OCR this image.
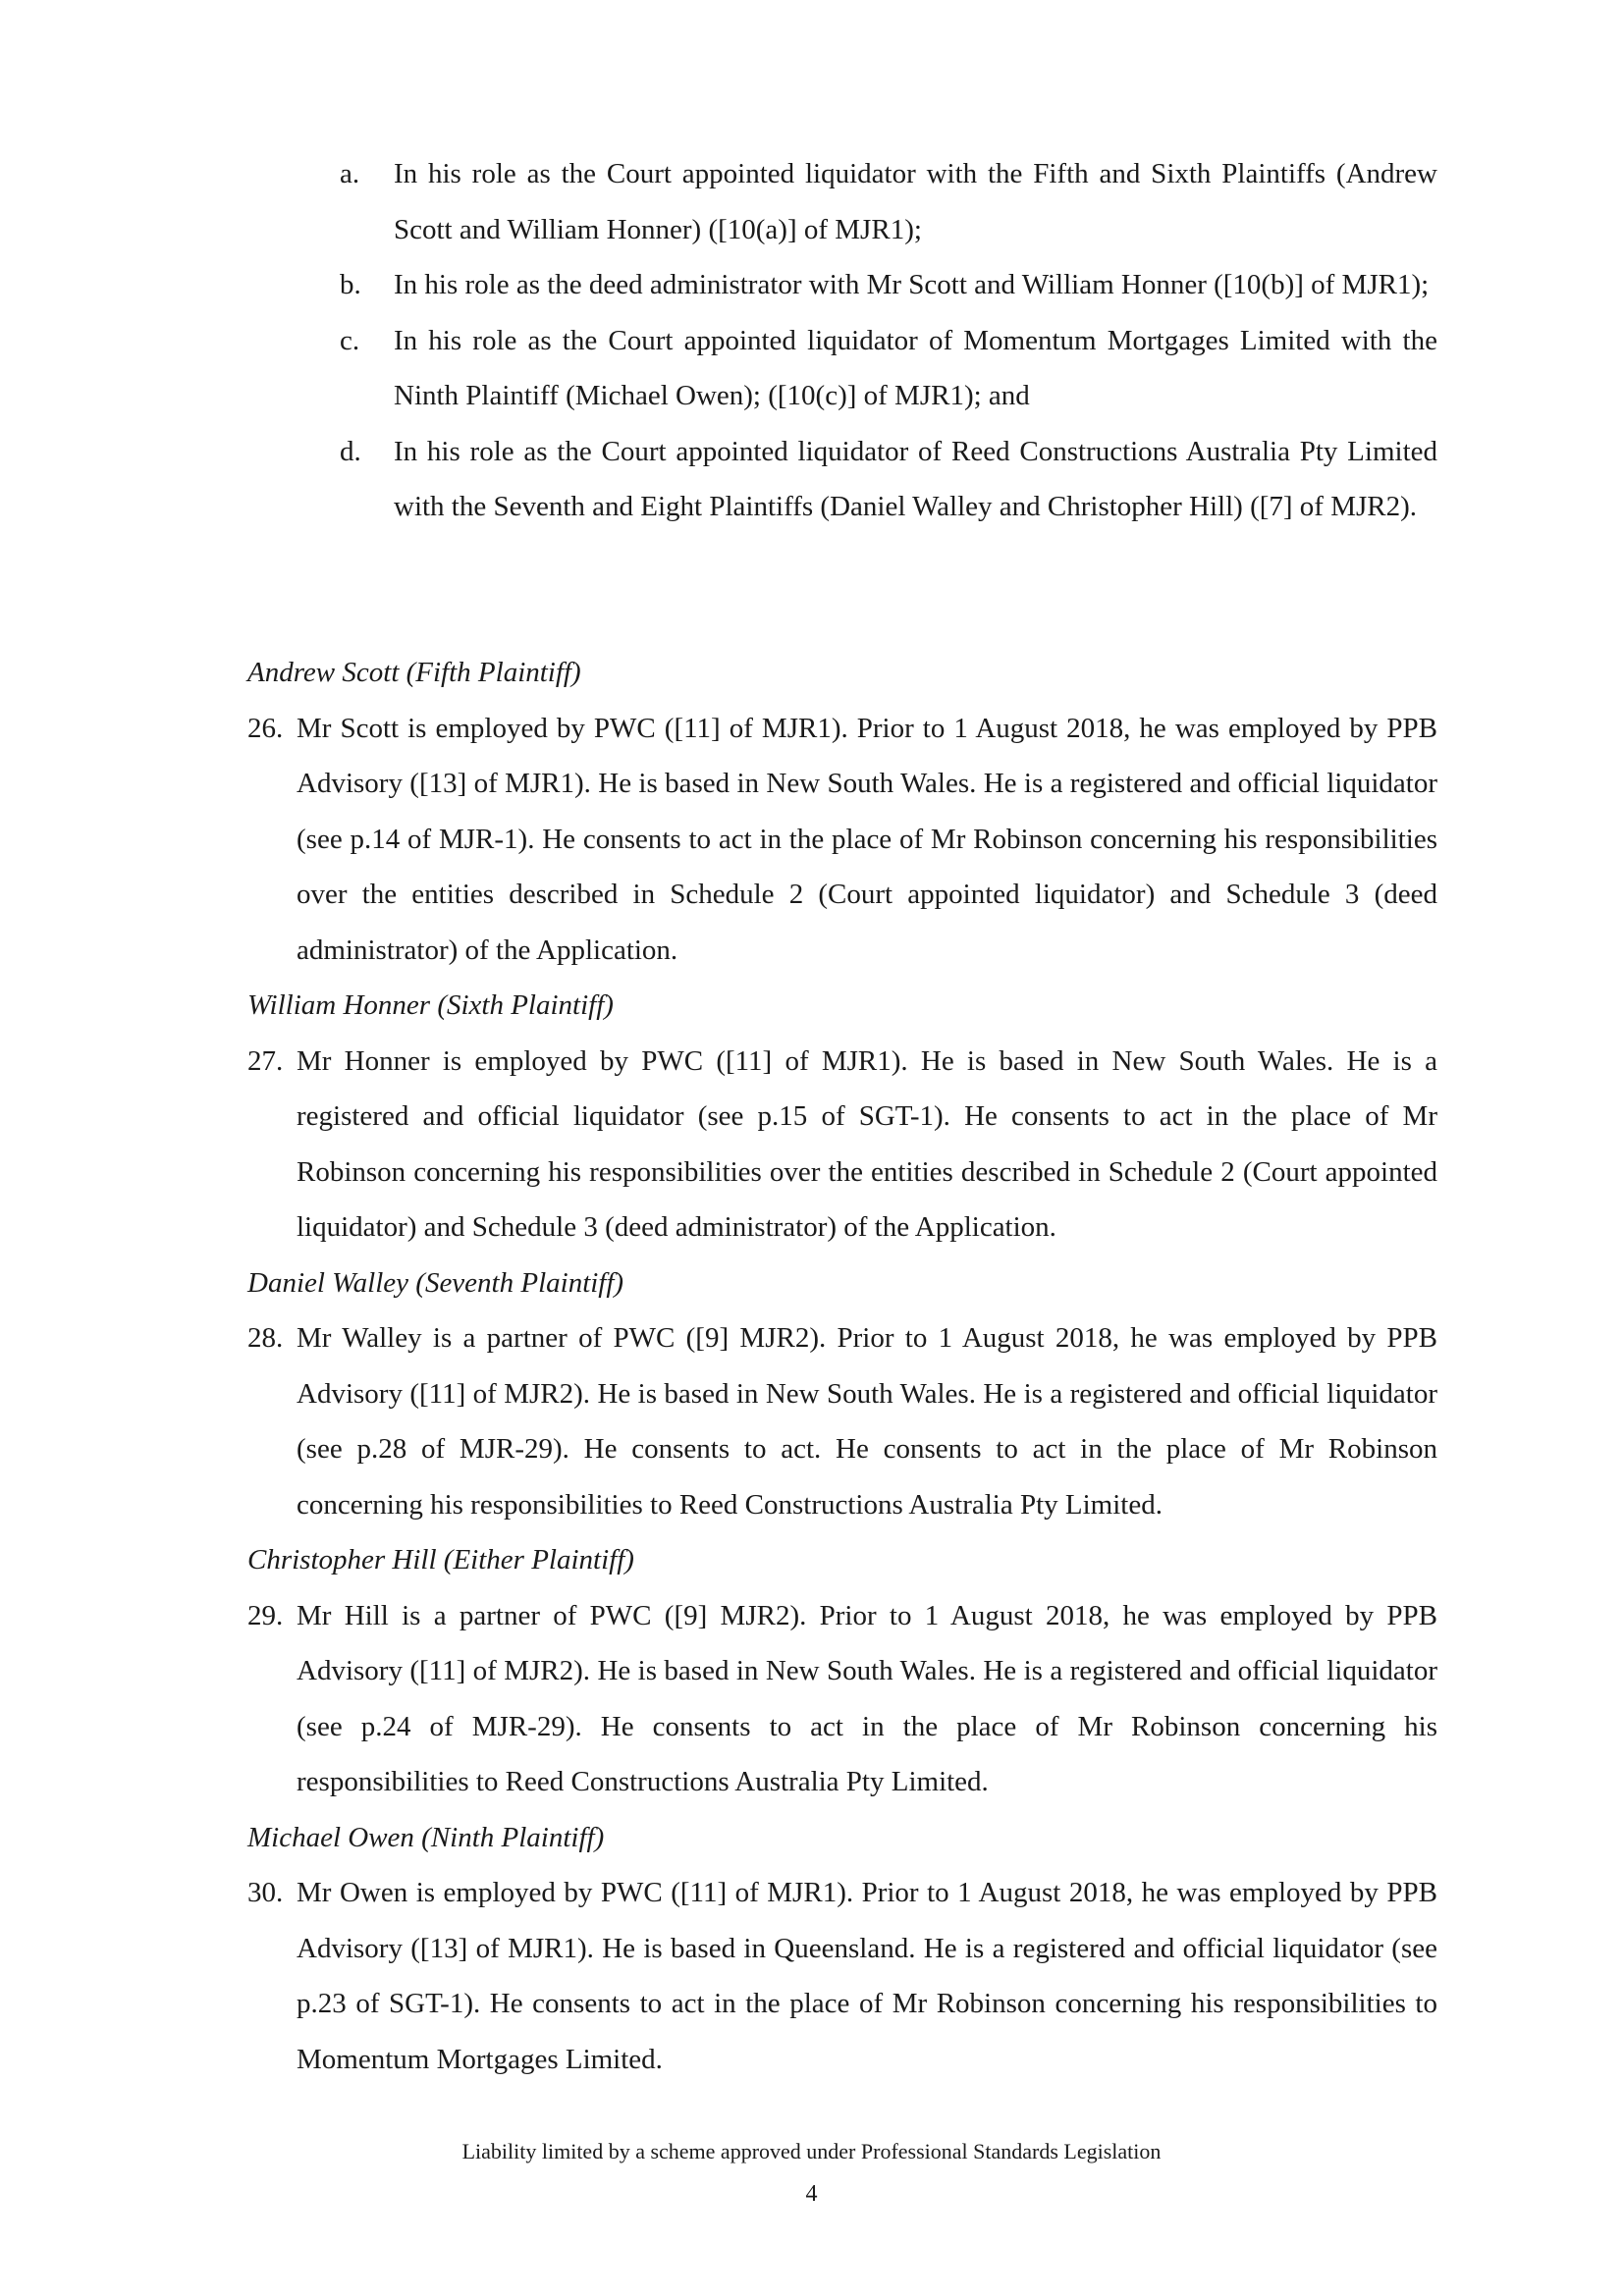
a. In his role as the Court appointed liquidator with the Fifth and Sixth Plaintiffs (Andrew Scott and William Honner) ([10(a)] of MJR1);
b. In his role as the deed administrator with Mr Scott and William Honner ([10(b)] of MJR1);
c. In his role as the Court appointed liquidator of Momentum Mortgages Limited with the Ninth Plaintiff (Michael Owen); ([10(c)] of MJR1); and
d. In his role as the Court appointed liquidator of Reed Constructions Australia Pty Limited with the Seventh and Eight Plaintiffs (Daniel Walley and Christopher Hill) ([7] of MJR2).

Andrew Scott (Fifth Plaintiff)

26. Mr Scott is employed by PWC ([11] of MJR1). Prior to 1 August 2018, he was employed by PPB Advisory ([13] of MJR1). He is based in New South Wales. He is a registered and official liquidator (see p.14 of MJR-1). He consents to act in the place of Mr Robinson concerning his responsibilities over the entities described in Schedule 2 (Court appointed liquidator) and Schedule 3 (deed administrator) of the Application.

William Honner (Sixth Plaintiff)

27. Mr Honner is employed by PWC ([11] of MJR1). He is based in New South Wales. He is a registered and official liquidator (see p.15 of SGT-1). He consents to act in the place of Mr Robinson concerning his responsibilities over the entities described in Schedule 2 (Court appointed liquidator) and Schedule 3 (deed administrator) of the Application.

Daniel Walley (Seventh Plaintiff)

28. Mr Walley is a partner of PWC ([9] MJR2). Prior to 1 August 2018, he was employed by PPB Advisory ([11] of MJR2). He is based in New South Wales. He is a registered and official liquidator (see p.28 of MJR-29). He consents to act. He consents to act in the place of Mr Robinson concerning his responsibilities to Reed Constructions Australia Pty Limited.

Christopher Hill (Either Plaintiff)

29. Mr Hill is a partner of PWC ([9] MJR2). Prior to 1 August 2018, he was employed by PPB Advisory ([11] of MJR2). He is based in New South Wales. He is a registered and official liquidator (see p.24 of MJR-29). He consents to act in the place of Mr Robinson concerning his responsibilities to Reed Constructions Australia Pty Limited.

Michael Owen (Ninth Plaintiff)

30. Mr Owen is employed by PWC ([11] of MJR1). Prior to 1 August 2018, he was employed by PPB Advisory ([13] of MJR1). He is based in Queensland. He is a registered and official liquidator (see p.23 of SGT-1). He consents to act in the place of Mr Robinson concerning his responsibilities to Momentum Mortgages Limited.
Liability limited by a scheme approved under Professional Standards Legislation
4
